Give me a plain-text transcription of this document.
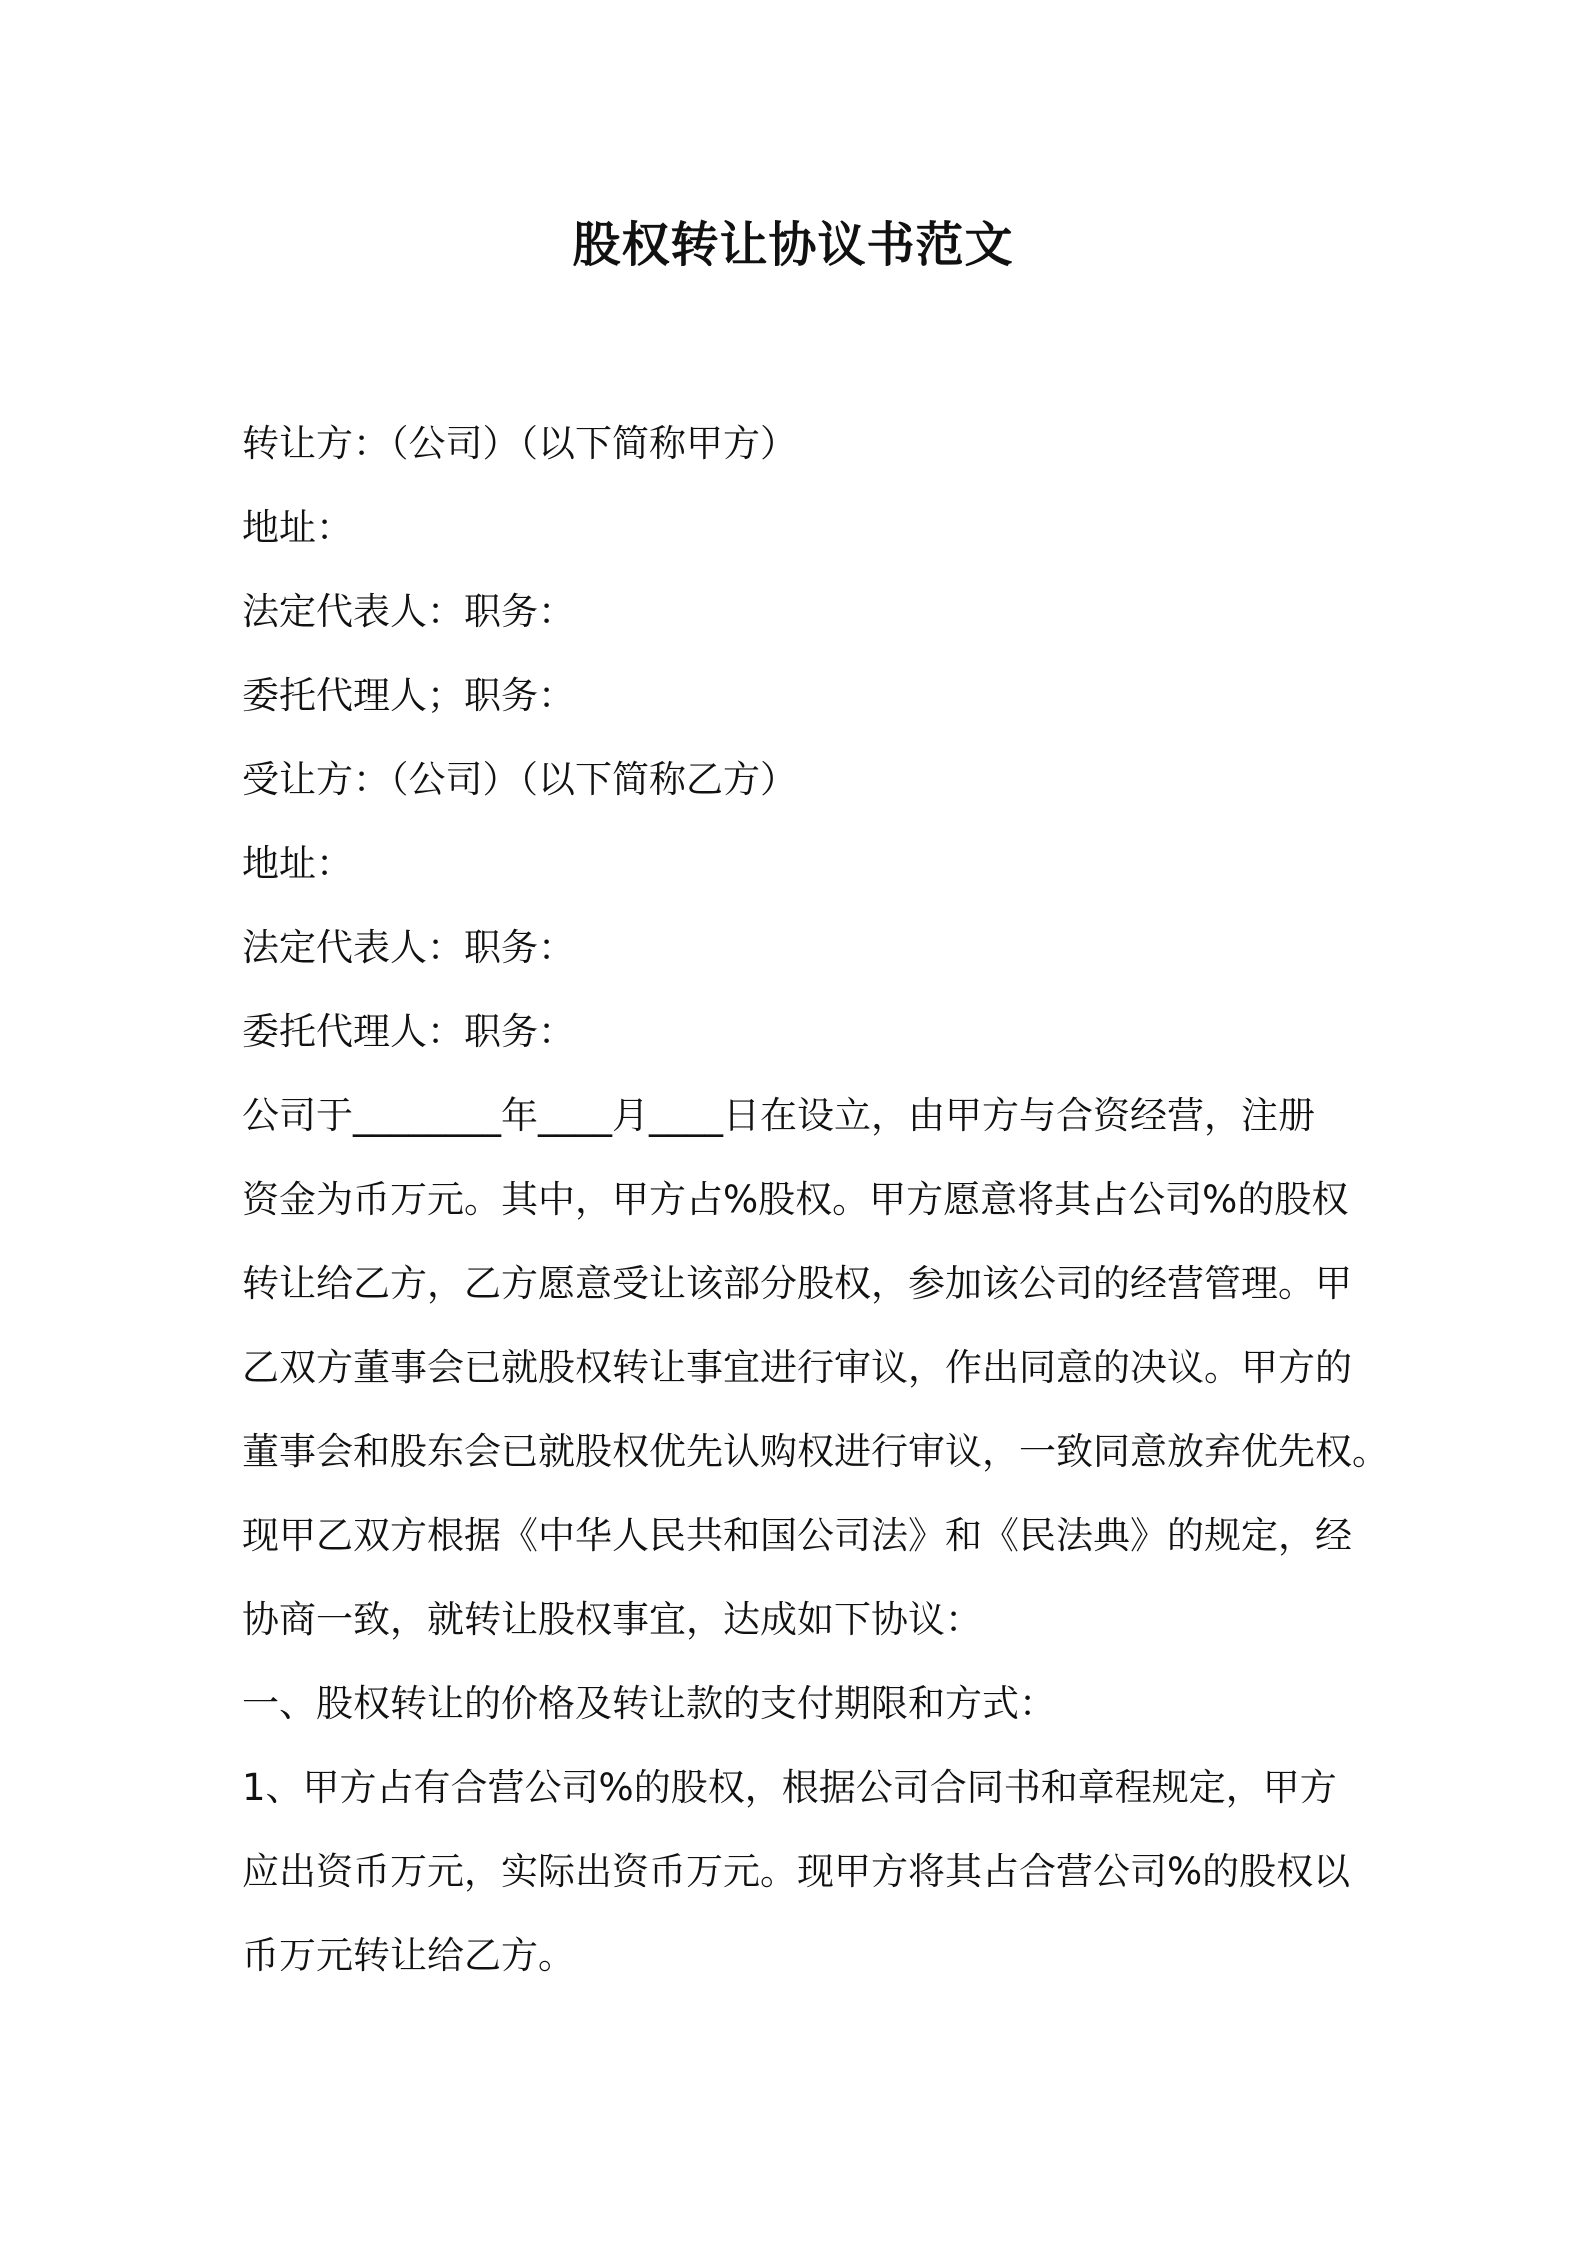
股权转让协议书范文
转让方：（公司）（以下简称甲方）
地址：
法定代表人：职务：
委托代理人；职务：
受让方：（公司）（以下简称乙方）
地址：
法定代表人：职务：
委托代理人：职务：
公司于________年____月____日在设立，由甲方与合资经营，注册
资金为币万元。其中，甲方占%股权。甲方愿意将其占公司%的股权
转让给乙方，乙方愿意受让该部分股权，参加该公司的经营管理。甲
乙双方董事会已就股权转让事宜进行审议，作出同意的决议。甲方的
董事会和股东会已就股权优先认购权进行审议，一致同意放弃优先权。
现甲乙双方根据《中华人民共和国公司法》和《民法典》的规定，经
协商一致，就转让股权事宜，达成如下协议：
一、股权转让的价格及转让款的支付期限和方式：
1、甲方占有合营公司%的股权，根据公司合同书和章程规定，甲方
应出资币万元，实际出资币万元。现甲方将其占合营公司%的股权以
币万元转让给乙方。
